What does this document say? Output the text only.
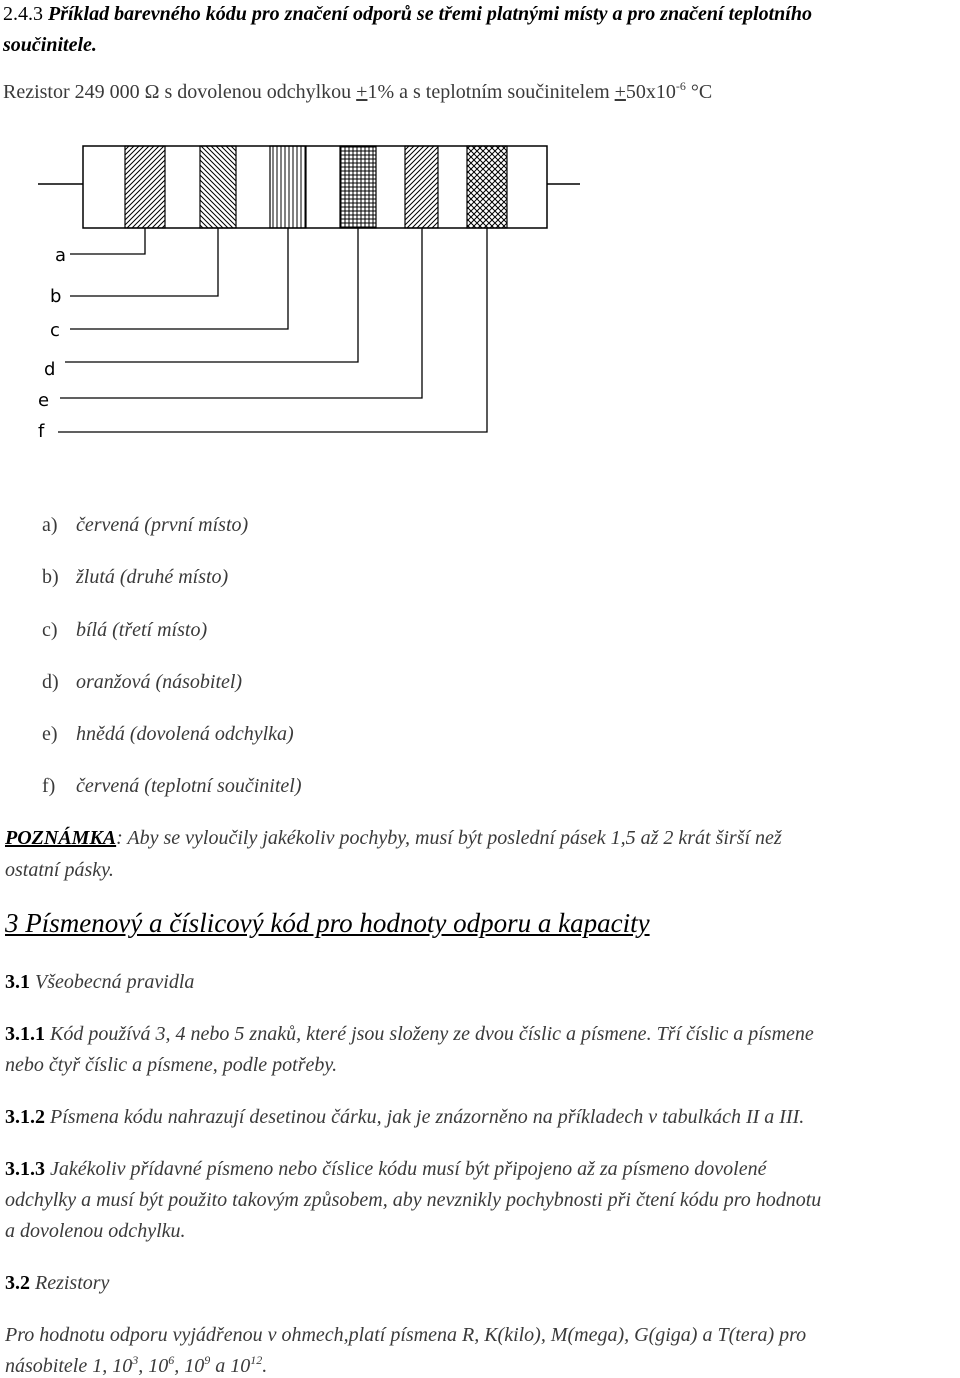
2.4.3 Příklad barevného kódu pro značení odporů se třemi platnými místy a pro značení teplotního
součinitele.
Rezistor 249 000 Ω s dovolenou odchylkou +1% a s teplotním součinitelem $+50x10^{-6}$ °C
a
b
c
d
e
f
a) červená (první místo)
b) žlutá (druhé místo)
c) bílá (třetí místo)
d) oranžová (násobitel)
e) hnědá (dovolená odchylka)
f) červená (teplotní součinitel)
POZNÁMKA: Aby se vyloučily jakékoliv pochyby, musí být poslední pásek 1,5 až 2 krát širší než
ostatní pásky.
3 Písmenový a číslicový kód pro hodnoty odporu a kapacity
3.1 Všeobecná pravidla
3.1.1 Kód používá 3, 4 nebo 5 znaků, které jsou složeny ze dvou číslic a písmene. Tří číslic a písmene
nebo čtyř číslic a písmene, podle potřeby.
3.1.2 Písmena kódu nahrazují desetinou čárku, jak je znázorněno na příkladech v tabulkách II a III.
3.1.3 Jakékoliv přídavné písmeno nebo číslice kódu musí být připojeno až za písmeno dovolené
odchylky a musí být použito takovým způsobem, aby nevznikly pochybnosti při čtení kódu pro hodnotu
a dovolenou odchylku.
3.2 Rezistory
Pro hodnotu odporu vyjádřenou v ohmech,platí písmena R, K(kilo), M(mega), G(giga) a T(tera) pro
násobitele 1, $10^3$, $10^6$, $10^9$ a $10^{12}$.
